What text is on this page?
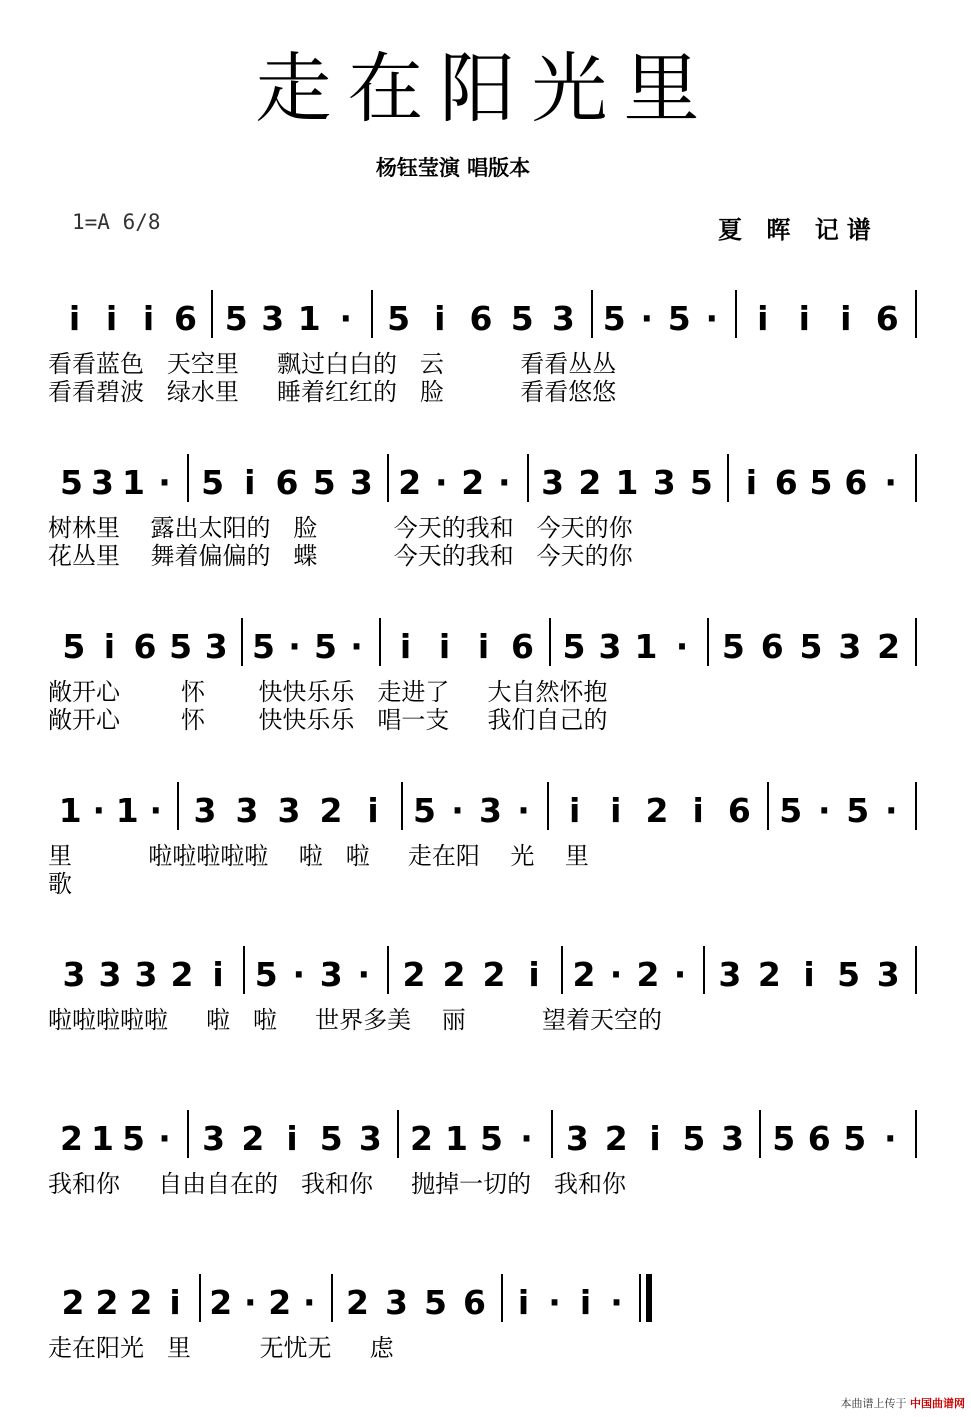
走在阳光里
杨钰莹演 唱版本
1=A 6/8	夏 晖 记谱
i i i 6 5 3 1 · 5 i 6 5 3 5 · 5 · i i i 6
看看蓝色   天空里     飘过白白的   云          看看丛丛
看看碧波   绿水里     睡着红红的   脸          看看悠悠
5 3 1 · 5 i 6 5 3 2 · 2 · 3 2 1 3 5 i 6 5 6 ·
树林里    露出太阳的   脸          今天的我和   今天的你
花丛里    舞着偏偏的   蝶          今天的我和   今天的你
5 i 6 5 3 5 · 5 · i i i 6 5 3 1 · 5 6 5 3 2
敞开心        怀       快快乐乐   走进了     大自然怀抱
敞开心        怀       快快乐乐   唱一支     我们自己的
1 · 1 · 3 3 3 2 i 5 · 3 · i i 2 i 6 5 · 5 ·
里          啦啦啦啦啦    啦   啦     走在阳    光    里
歌
3 3 3 2 i 5 · 3 · 2 2 2 i 2 · 2 · 3 2 i 5 3
啦啦啦啦啦     啦   啦     世界多美    丽          望着天空的
2 1 5 · 3 2 i 5 3 2 1 5 · 3 2 i 5 3 5 6 5 ·
我和你     自由自在的   我和你     抛掉一切的   我和你
2 2 2 i 2 · 2 · 2 3 5 6 i · i ·
走在阳光   里         无忧无     虑
本曲谱上传于 中国曲谱网
